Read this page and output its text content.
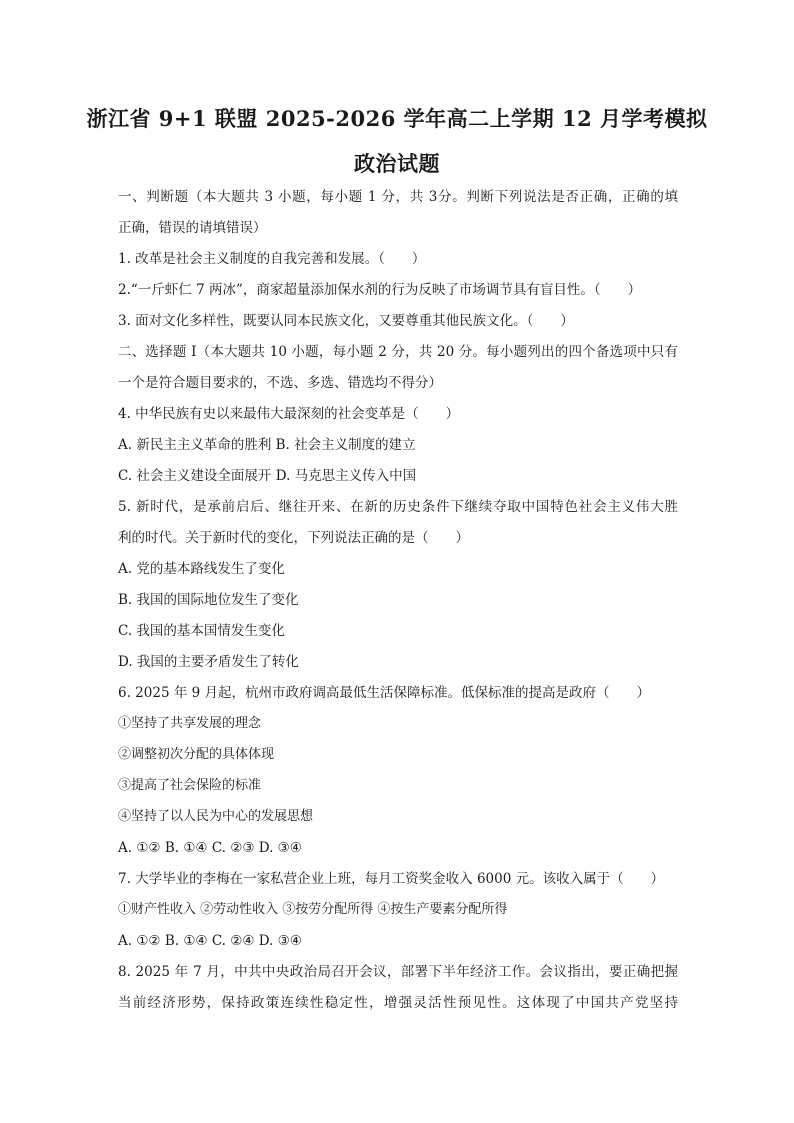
浙江省 9+1 联盟 2025-2026 学年高二上学期 12 月学考模拟
政治试题
一、判断题（本大题共 3 小题，每小题 1 分，共 3分。判断下列说法是否正确，正确的填
正确，错误的请填错误）
1. 改革是社会主义制度的自我完善和发展。（　　）
2.“一斤虾仁 7 两冰”，商家超量添加保水剂的行为反映了市场调节具有盲目性。（　　）
3. 面对文化多样性，既要认同本民族文化，又要尊重其他民族文化。（　　）
二、选择题 I（本大题共 10 小题，每小题 2 分，共 20 分。每小题列出的四个备选项中只有
一个是符合题目要求的，不选、多选、错选均不得分）
4. 中华民族有史以来最伟大最深刻的社会变革是（　　）
A. 新民主主义革命的胜利 B. 社会主义制度的建立
C. 社会主义建设全面展开 D. 马克思主义传入中国
5. 新时代，是承前启后、继往开来、在新的历史条件下继续夺取中国特色社会主义伟大胜
利的时代。关于新时代的变化，下列说法正确的是（　　）
A. 党的基本路线发生了变化
B. 我国的国际地位发生了变化
C. 我国的基本国情发生变化
D. 我国的主要矛盾发生了转化
6. 2025 年 9 月起，杭州市政府调高最低生活保障标准。低保标准的提高是政府（　　）
①坚持了共享发展的理念
②调整初次分配的具体体现
③提高了社会保险的标准
④坚持了以人民为中心的发展思想
A. ①② B. ①④ C. ②③ D. ③④
7. 大学毕业的李梅在一家私营企业上班，每月工资奖金收入 6000 元。该收入属于（　　）
①财产性收入 ②劳动性收入 ③按劳分配所得 ④按生产要素分配所得
A. ①② B. ①④ C. ②④ D. ③④
8. 2025 年 7 月，中共中央政治局召开会议，部署下半年经济工作。会议指出，要正确把握
当前经济形势，保持政策连续性稳定性，增强灵活性预见性。这体现了中国共产党坚持
